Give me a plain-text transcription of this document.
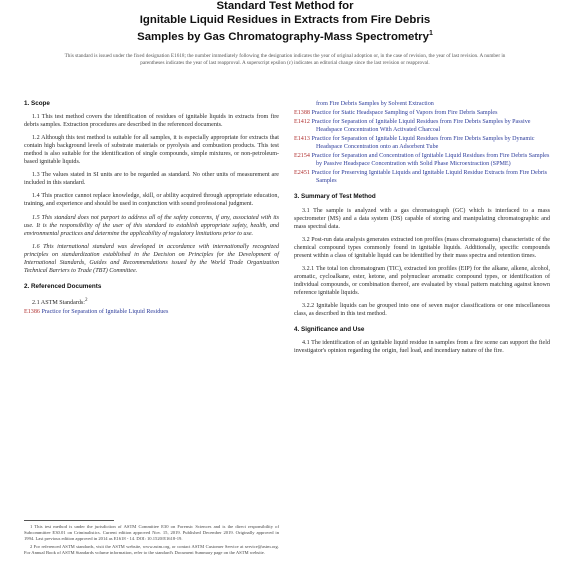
Standard Test Method for
Ignitable Liquid Residues in Extracts from Fire Debris
Samples by Gas Chromatography-Mass Spectrometry$^1$
This standard is issued under the fixed designation E1618; the number immediately following the designation indicates the year of original adoption or, in the case of revision, the year of last revision. A number in parentheses indicates the year of last reapproval. A superscript epsilon (ε) indicates an editorial change since the last revision or reapproval.
1. Scope

1.1 This test method covers the identification of residues of ignitable liquids in extracts from fire debris samples. Extraction procedures are described in the referenced documents.

1.2 Although this test method is suitable for all samples, it is especially appropriate for extracts that contain high background levels of substrate materials or pyrolysis and combustion products. This test method is also suitable for the identification of single compounds, simple mixtures, or non-petroleum-based ignitable liquids.

1.3 The values stated in SI units are to be regarded as standard. No other units of measurement are included in this standard.

1.4 This practice cannot replace knowledge, skill, or ability acquired through appropriate education, training, and experience and should be used in conjunction with sound professional judgment.

1.5 This standard does not purport to address all of the safety concerns, if any, associated with its use. It is the responsibility of the user of this standard to establish appropriate safety, health, and environmental practices and determine the applicability of regulatory limitations prior to use.

1.6 This international standard was developed in accordance with internationally recognized principles on standardization established in the Decision on Principles for the Development of International Standards, Guides and Recommendations issued by the World Trade Organization Technical Barriers to Trade (TBT) Committee.

2. Referenced Documents

2.1 ASTM Standards:$^2$

E1386 Practice for Separation of Ignitable Liquid Residues
from Fire Debris Samples by Solvent Extraction
E1388 Practice for Static Headspace Sampling of Vapors from Fire Debris Samples
E1412 Practice for Separation of Ignitable Liquid Residues from Fire Debris Samples by Passive Headspace Concentration With Activated Charcoal
E1413 Practice for Separation of Ignitable Liquid Residues from Fire Debris Samples by Dynamic Headspace Concentration onto an Adsorbent Tube
E2154 Practice for Separation and Concentration of Ignitable Liquid Residues from Fire Debris Samples by Passive Headspace Concentration with Solid Phase Microextraction (SPME)
E2451 Practice for Preserving Ignitable Liquids and Ignitable Liquid Residue Extracts from Fire Debris Samples
3. Summary of Test Method

3.1 The sample is analyzed with a gas chromatograph (GC) which is interfaced to a mass spectrometer (MS) and a data system (DS) capable of storing and manipulating chromatographic and mass spectral data.

3.2 Post-run data analysis generates extracted ion profiles (mass chromatograms) characteristic of the chemical compound types commonly found in ignitable liquids. Additionally, specific compounds present within a class of ignitable liquid can be identified by their mass spectra and retention times.

3.2.1 The total ion chromatogram (TIC), extracted ion profiles (EIP) for the alkane, alkene, alcohol, aromatic, cycloalkane, ester, ketone, and polynuclear aromatic compound types, or identification of individual compounds, or combination thereof, are evaluated by visual pattern matching against known reference ignitable liquids.

3.2.2 Ignitable liquids can be grouped into one of seven major classifications or one miscellaneous class, as described in this test method.

4. Significance and Use

4.1 The identification of an ignitable liquid residue in samples from a fire scene can support the field investigator's opinion regarding the origin, fuel load, and incendiary nature of the fire.

1 This test method is under the jurisdiction of ASTM Committee E30 on Forensic Sciences and is the direct responsibility of Subcommittee E30.01 on Criminalistics. Current edition approved Nov. 15, 2019. Published December 2019. Originally approved in 1994. Last previous edition approved in 2014 as E1618 - 14. DOI: 10.1520/E1618-19.

2 For referenced ASTM standards, visit the ASTM website, www.astm.org, or contact ASTM Customer Service at service@astm.org. For Annual Book of ASTM Standards volume information, refer to the standard's Document Summary page on the ASTM website.
